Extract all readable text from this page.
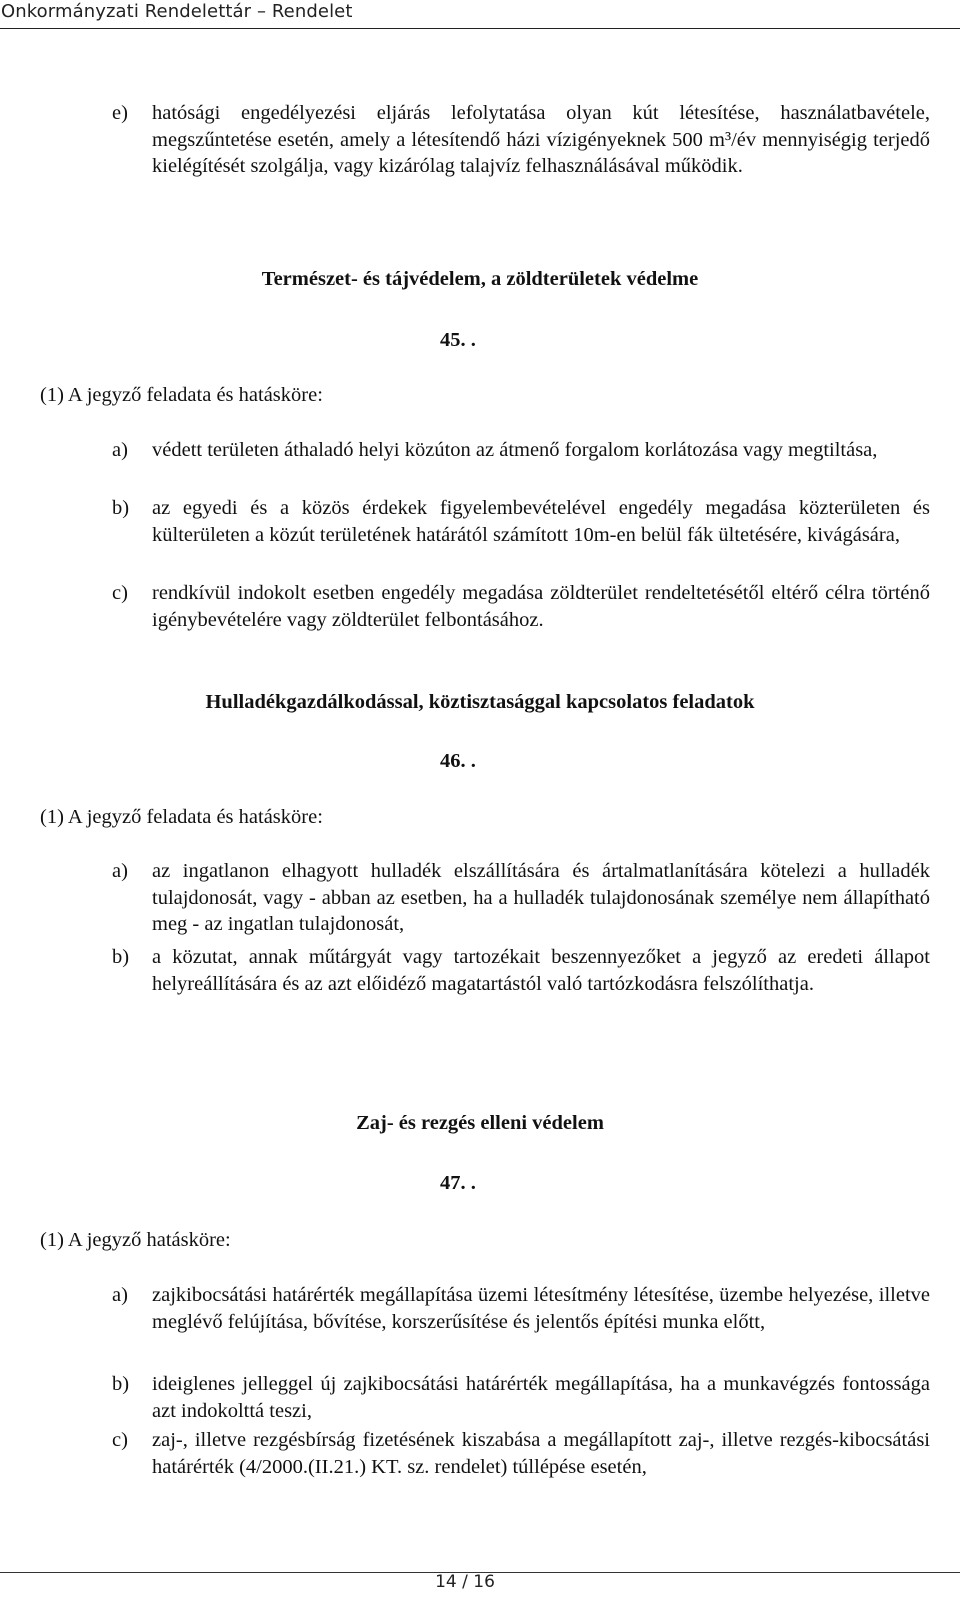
Onkormányzati Rendelettár – Rendelet
e) hatósági engedélyezési eljárás lefolytatása olyan kút létesítése, használatbavétele, megszűntetése esetén, amely a létesítendő házi vízigényeknek 500 m³/év mennyiségig terjedő kielégítését szolgálja, vagy kizárólag talajvíz felhasználásával működik.
Természet- és tájvédelem, a zöldterületek védelme
45. .
(1) A jegyző feladata és hatásköre:
a) védett területen áthaladó helyi közúton az átmenő forgalom korlátozása vagy megtiltása,
b) az egyedi és a közös érdekek figyelembevételével engedély megadása közterületen és külterületen a közút területének határától számított 10m-en belül fák ültetésére, kivágására,
c) rendkívül indokolt esetben engedély megadása zöldterület rendeltetésétől eltérő célra történő igénybevételére vagy zöldterület felbontásához.
Hulladékgazdálkodással, köztisztasággal kapcsolatos feladatok
46. .
(1) A jegyző feladata és hatásköre:
a) az ingatlanon elhagyott hulladék elszállítására és ártalmatlanítására kötelezi a hulladék tulajdonosát, vagy - abban az esetben, ha a hulladék tulajdonosának személye nem állapítható meg - az ingatlan tulajdonosát,
b) a közutat, annak műtárgyát vagy tartozékait beszennyezőket a jegyző az eredeti állapot helyreállítására és az azt előidéző magatartástól való tartózkodásra felszólíthatja.
Zaj- és rezgés elleni védelem
47. .
(1) A jegyző hatásköre:
a) zajkibocsátási határérték megállapítása üzemi létesítmény létesítése, üzembe helyezése, illetve meglévő felújítása, bővítése, korszerűsítése és jelentős építési munka előtt,
b) ideiglenes jelleggel új zajkibocsátási határérték megállapítása, ha a munkavégzés fontossága azt indokolttá teszi,
c) zaj-, illetve rezgésbírság fizetésének kiszabása a megállapított zaj-, illetve rezgés-kibocsátási határérték (4/2000.(II.21.) KT. sz. rendelet) túllépése esetén,
14 / 16
